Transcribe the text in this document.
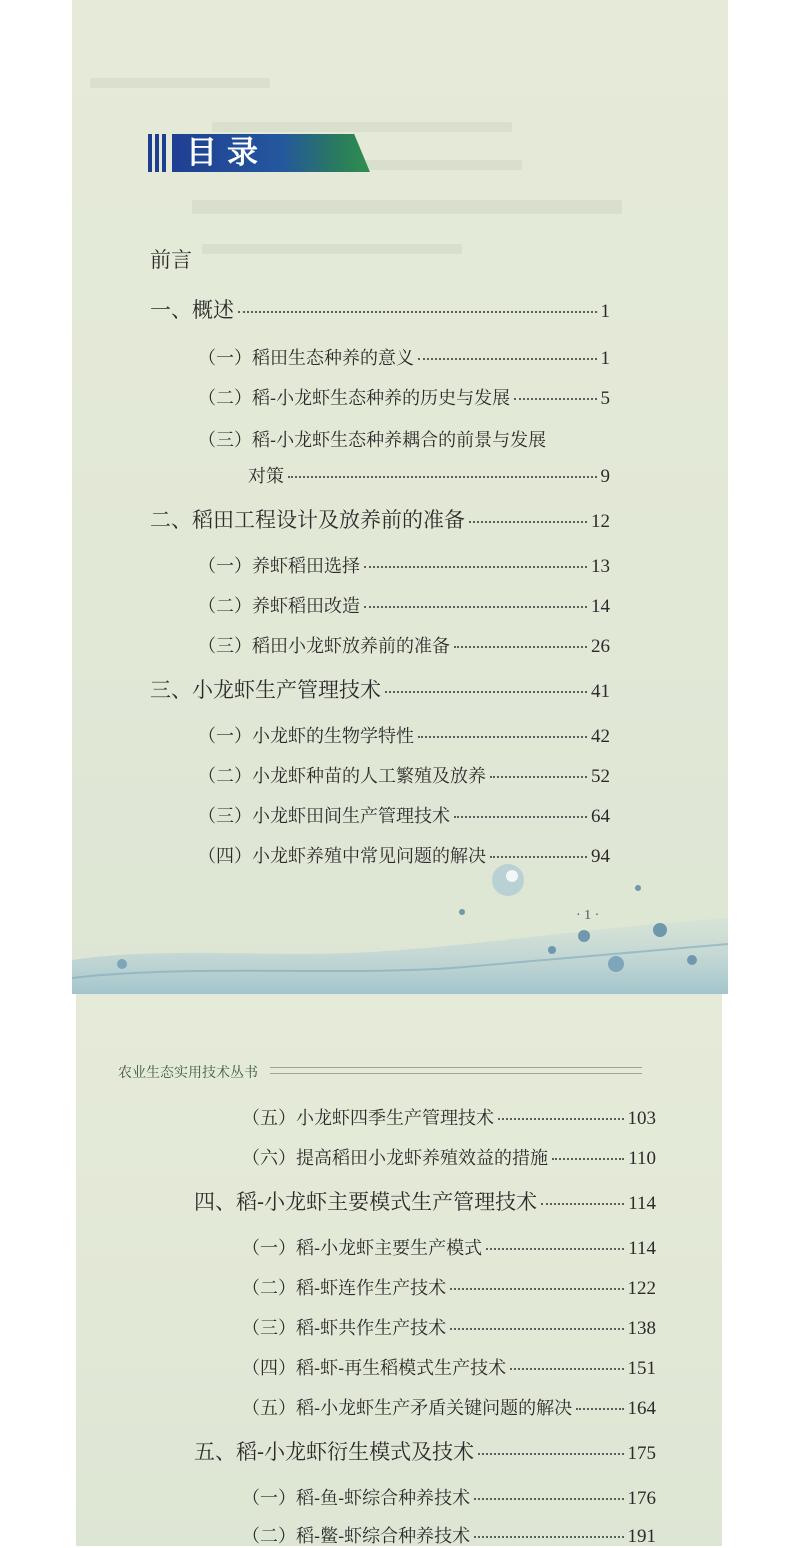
目录
· 1 ·
前言
一、概述	1
（一）稻田生态种养的意义	1
（二）稻-小龙虾生态种养的历史与发展	5
（三）稻-小龙虾生态种养耦合的前景与发展
对策	9
二、稻田工程设计及放养前的准备	12
（一）养虾稻田选择	13
（二）养虾稻田改造	14
（三）稻田小龙虾放养前的准备	26
三、小龙虾生产管理技术	41
（一）小龙虾的生物学特性	42
（二）小龙虾种苗的人工繁殖及放养	52
（三）小龙虾田间生产管理技术	64
（四）小龙虾养殖中常见问题的解决	94
农业生态实用技术丛书
（五）小龙虾四季生产管理技术	103
（六）提高稻田小龙虾养殖效益的措施	110
四、稻-小龙虾主要模式生产管理技术	114
（一）稻-小龙虾主要生产模式	114
（二）稻-虾连作生产技术	122
（三）稻-虾共作生产技术	138
（四）稻-虾-再生稻模式生产技术	151
（五）稻-小龙虾生产矛盾关键问题的解决	164
五、稻-小龙虾衍生模式及技术	175
（一）稻-鱼-虾综合种养技术	176
（二）稻-鳖-虾综合种养技术	191
